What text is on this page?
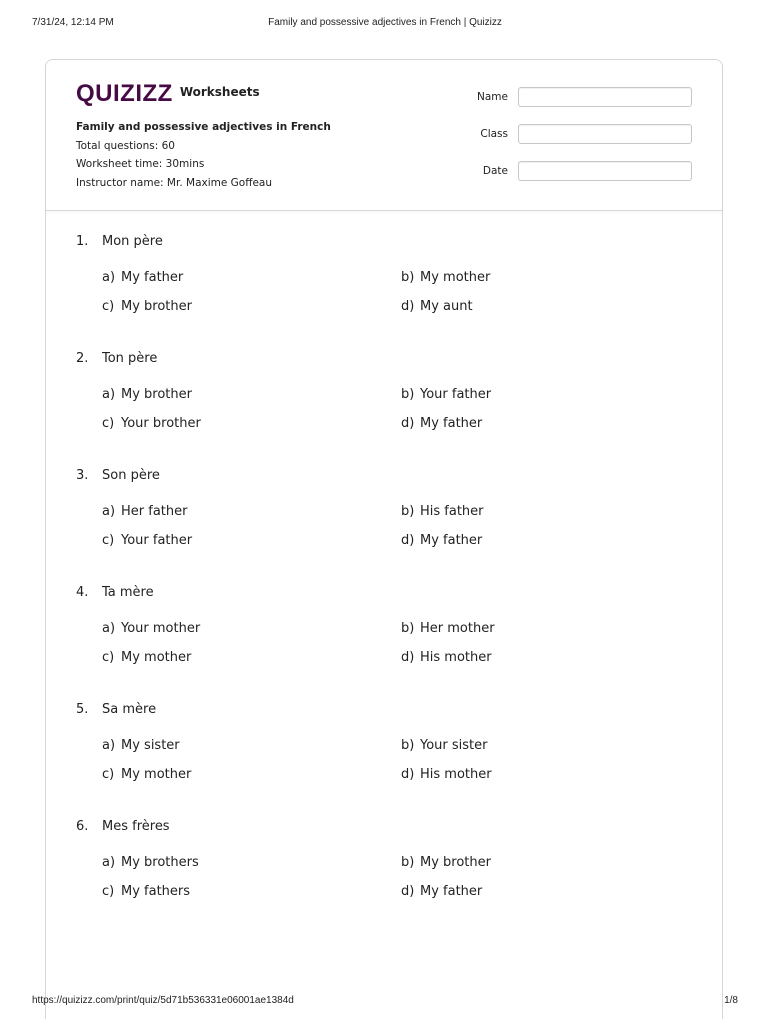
7/31/24, 12:14 PM	Family and possessive adjectives in French | Quizizz
QUIZIZZ Worksheets
Family and possessive adjectives in French
Total questions: 60
Worksheet time: 30mins
Instructor name: Mr. Maxime Goffeau
Name
Class
Date
1. Mon père
a) My father	b) My mother
c) My brother	d) My aunt
2. Ton père
a) My brother	b) Your father
c) Your brother	d) My father
3. Son père
a) Her father	b) His father
c) Your father	d) My father
4. Ta mère
a) Your mother	b) Her mother
c) My mother	d) His mother
5. Sa mère
a) My sister	b) Your sister
c) My mother	d) His mother
6. Mes frères
a) My brothers	b) My brother
c) My fathers	d) My father
https://quizizz.com/print/quiz/5d71b536331e06001ae1384d	1/8
